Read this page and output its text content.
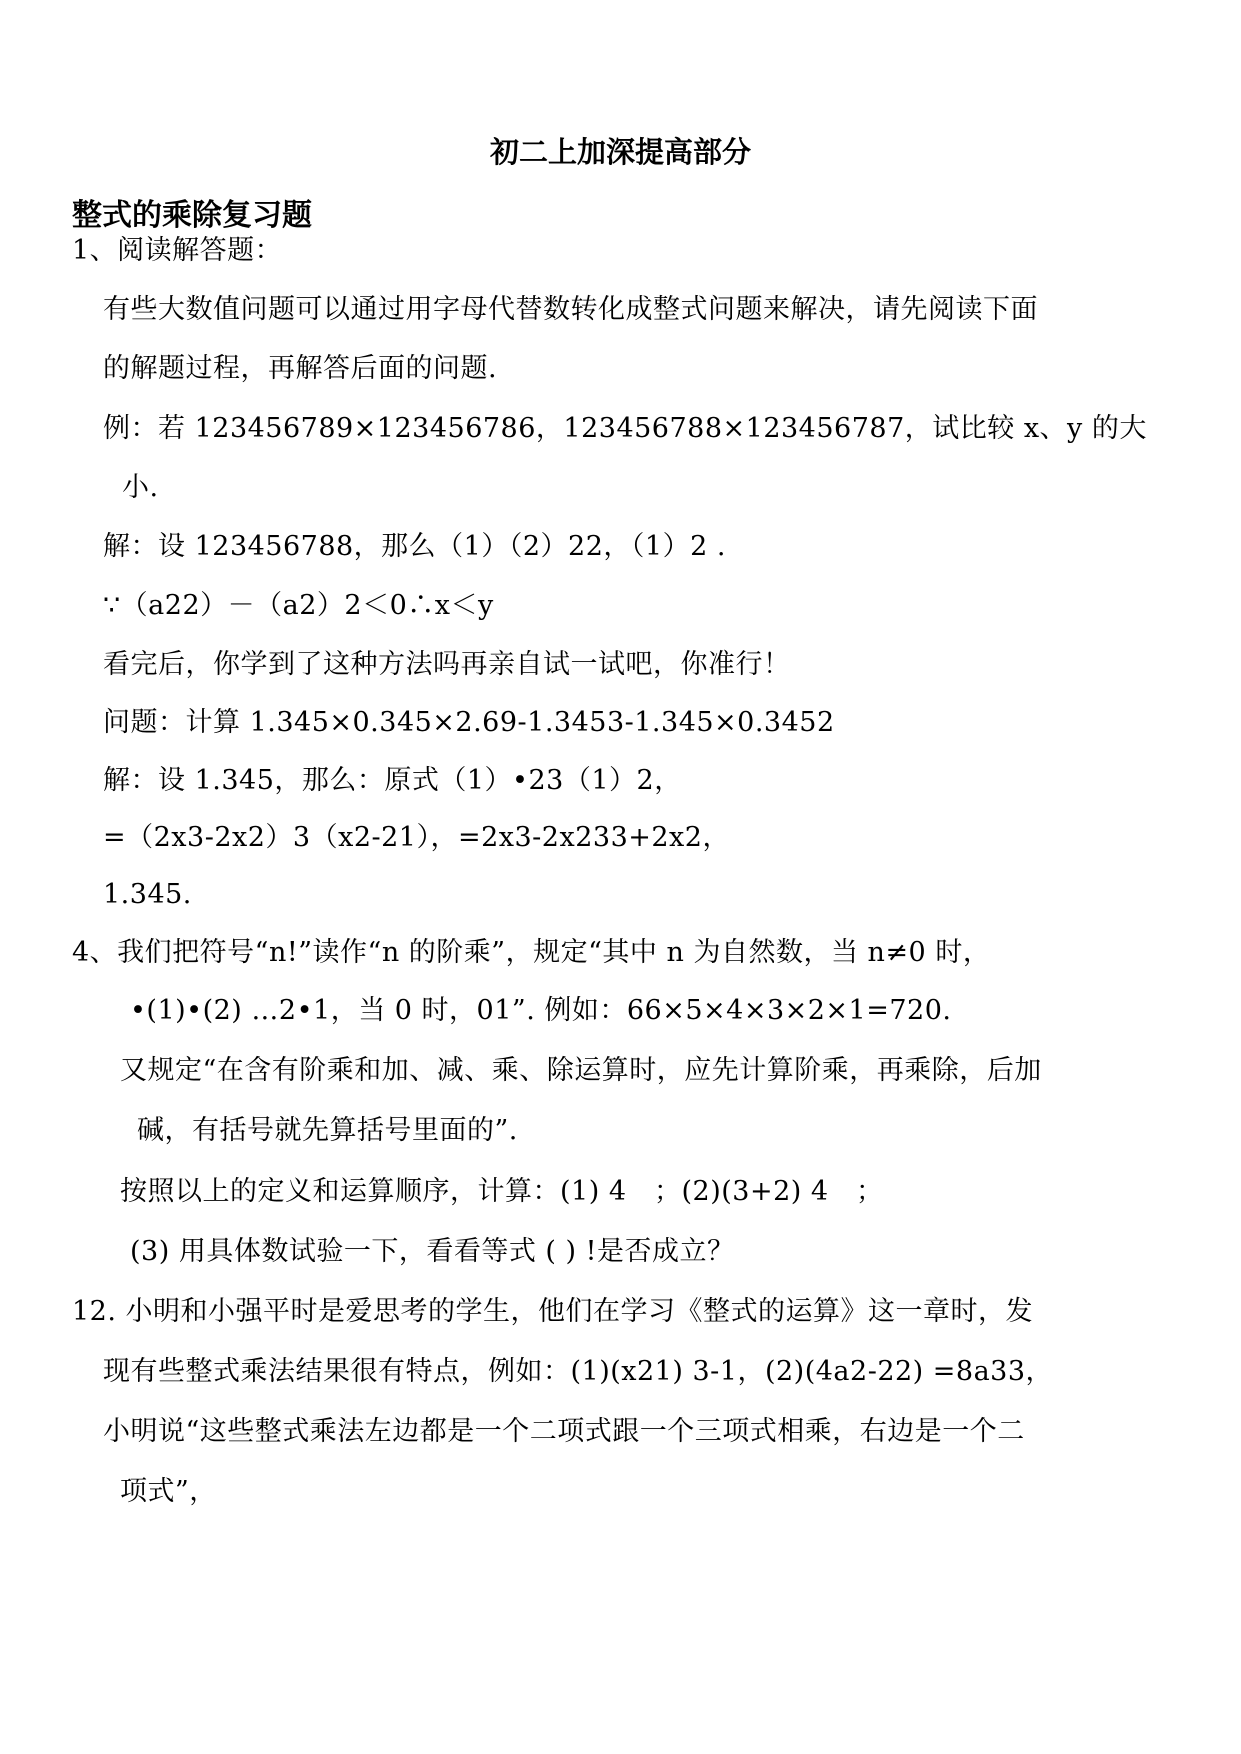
初二上加深提高部分
整式的乘除复习题
1、阅读解答题：
有些大数值问题可以通过用字母代替数转化成整式问题来解决，请先阅读下面
的解题过程，再解答后面的问题.
例：若 123456789×123456786，123456788×123456787，试比较 x、y 的大
小.
解：设 123456788，那么（1）（2）22，（1）2 .
∵（a22）－（a2）2＜0∴x＜y
看完后，你学到了这种方法吗再亲自试一试吧，你准行！
问题：计算 1.345×0.345×2.69-1.3453-1.345×0.3452
解：设 1.345，那么：原式（1）•23（1）2，
=（2x3-2x2）3（x2-21），=2x3-2x233+2x2，
1.345.
4、我们把符号“n!”读作“n 的阶乘”，规定“其中 n 为自然数，当 n≠0 时，
•(1)•(2) …2•1，当 0 时，01”. 例如：66×5×4×3×2×1=720.
又规定“在含有阶乘和加、减、乘、除运算时，应先计算阶乘，再乘除，后加
碱，有括号就先算括号里面的”.
按照以上的定义和运算顺序，计算：(1) 4　；(2)(3+2) 4　；
(3) 用具体数试验一下，看看等式 ( ) !是否成立？
12. 小明和小强平时是爱思考的学生，他们在学习《整式的运算》这一章时，发
现有些整式乘法结果很有特点，例如：(1)(x21) 3-1，(2)(4a2-22) =8a33，
小明说“这些整式乘法左边都是一个二项式跟一个三项式相乘，右边是一个二
项式”，
